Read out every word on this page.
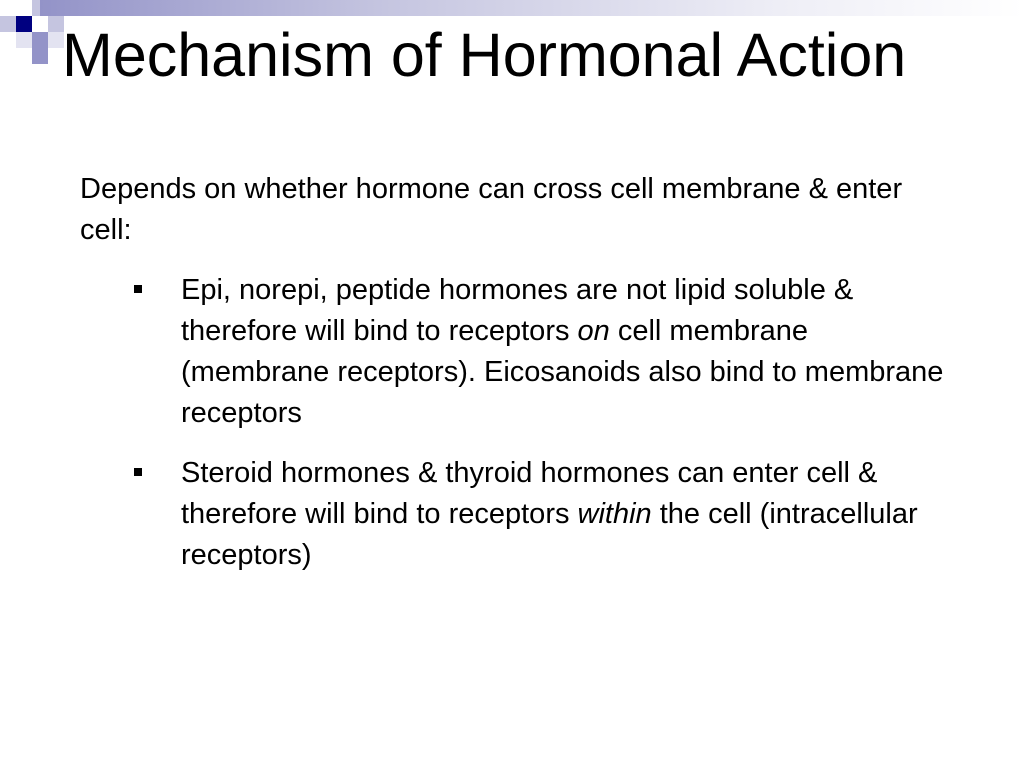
Mechanism of Hormonal Action

Depends on whether hormone can cross cell membrane & enter cell:

Epi, norepi, peptide hormones are not lipid soluble & therefore will bind to receptors on cell membrane (membrane receptors). Eicosanoids also bind to membrane receptors
Steroid hormones & thyroid hormones can enter cell & therefore will bind to receptors within the cell (intracellular receptors)
